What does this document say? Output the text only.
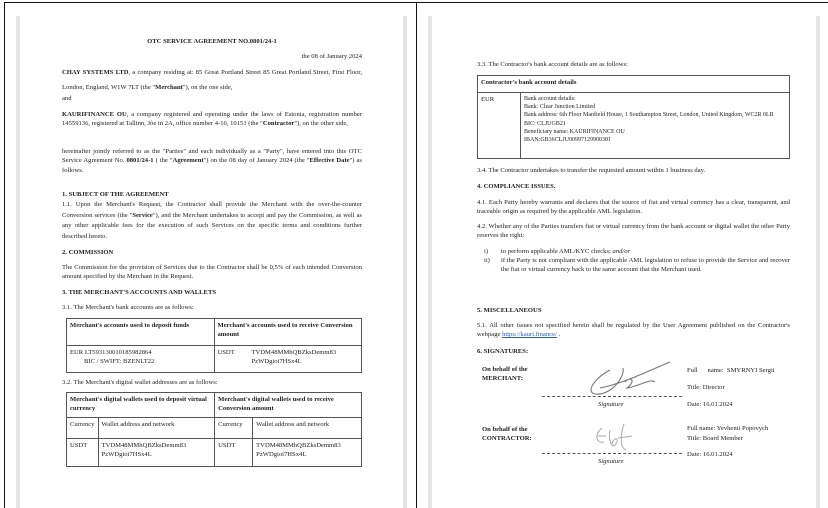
OTC SERVICE AGREEMENT NO.0801/24-1
the 08 of January 2024
CHAY SYSTEMS LTD, a company residing at: 85 Great Portland Street 85 Great Portland Street, First Floor, London, England, W1W 7LT (the "Merchant"), on the one side,
and
KAURIFINANCE OU, a company registered and operating under the laws of Estonia, registration number 14559136, registered at Tallinn, Jõe tn 2A, office number 4-16, 10151 (the "Contractor"), on the other side,
hereinafter jointly referred to as the "Parties" and each individually as a "Party", have entered into this OTC Service Agreement No. 0801/24-1 ( the "Agreement") on the 08 day of January 2024 (the "Effective Date") as follows.
1. SUBJECT OF THE AGREEMENT
1.1. Upon the Merchant's Request, the Contractor shall provide the Merchant with the over-the-counter Conversion services (the "Service"), and the Merchant undertakes to accept and pay the Commission, as well as any other applicable fees for the execution of such Services on the specific terms and conditions further described hereto.
2. COMMISSION
The Commission for the provision of Services due to the Contractor shall be 0,5% of each intended Conversion amount specified by the Merchant in the Request.
3. THE MERCHANT'S ACCOUNTS AND WALLETS
3.1. The Merchant's bank accounts are as follows:
Merchant's accounts used to deposit funds	Merchant's accounts used to receive Conversion amount
EUR LT593130010185982864
BIC / SWIFT: BZENLT22	USDT TVDM48MMhQBZksDemm83 PzWDgioi7HSx4L
3.2. The Merchant's digital wallet addresses are as follows:
Merchant's digital wallets used to deposit virtual currency		Merchant's digital wallets used to receive Conversion amount	
Currency	Wallet address and network	Currency	Wallet address and network
USDT	TVDM48MMhQBZksDemm83 PzWDgioi7HSx4L	USDT	TVDM48MMhQBZksDemm83 PzWDgioi7HSx4L
3.3. The Contractor's bank account details are as follows:
Contractor's bank account details
EUR	Bank account details:
Bank: Clear Junction Limited
Bank address: 6th Floor Manfield House, 1 Southampton Street, London, United Kingdom, WC2R 0LR
BIC: CLJUGB21
Beneficiary name: KAURIFINANCE OU
IBAN:GB36CLJU00997129900381
3.4. The Contractor undertakes to transfer the requested amount within 1 business day.
4. COMPLIANCE ISSUES.
4.1. Each Party hereby warrants and declares that the source of fiat and virtual currency has a clear, transparent, and traceable origin as required by the applicable AML legislation.
4.2. Whether any of the Parties transfers fiat or virtual currency from the bank account or digital wallet the other Party reserves the right:
i) to perform applicable AML/KYC checks; and/or
ii) if the Party is not compliant with the applicable AML legislation to refuse to provide the Service and recover the fiat or virtual currency back to the same account that the Merchant used.
5. MISCELLANEOUS
5.1. All other issues not specified herein shall be regulated by the User Agreement published on the Contractor's webpage https://kauri.finance/ .
6. SIGNATURES:
On behalf of the
MERCHANT:
Signature
Full      name:  SMYRNYI Sergii
Title: Director
Date: 16.01.2024
On behalf of the
CONTRACTOR:
Signature
Full name: Yevhenii Popovych
Title: Board Member
Date: 16.01.2024
